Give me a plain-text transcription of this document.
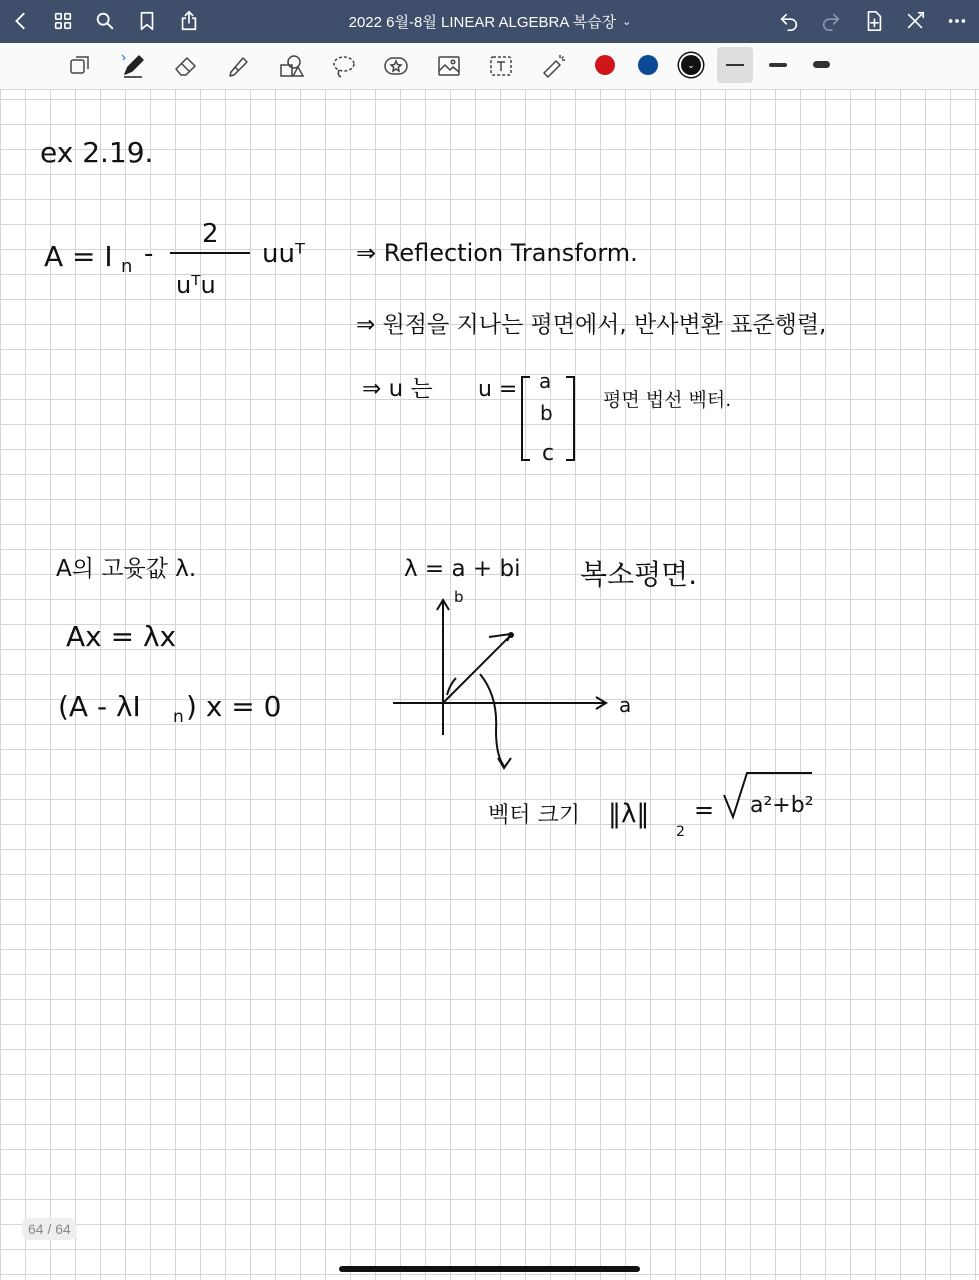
2022 6월-8월 LINEAR ALGEBRA 복습장 ⌄
⌄
ex 2.19.
A = I n -
2
uᵀu
uuᵀ ⇒ Reflection Transform.
⇒ 원점을 지나는 평면에서, 반사변환 표준행렬,
⇒ u 는 u = a
b
c
평면 법선 벡터.
A의 고윳값 λ.
Ax = λx
(A - λI n ) x = 0
λ = a + bi 복소평면.
b
a
벡터 크기 ‖λ‖
2
= a²+b²
64 / 64
